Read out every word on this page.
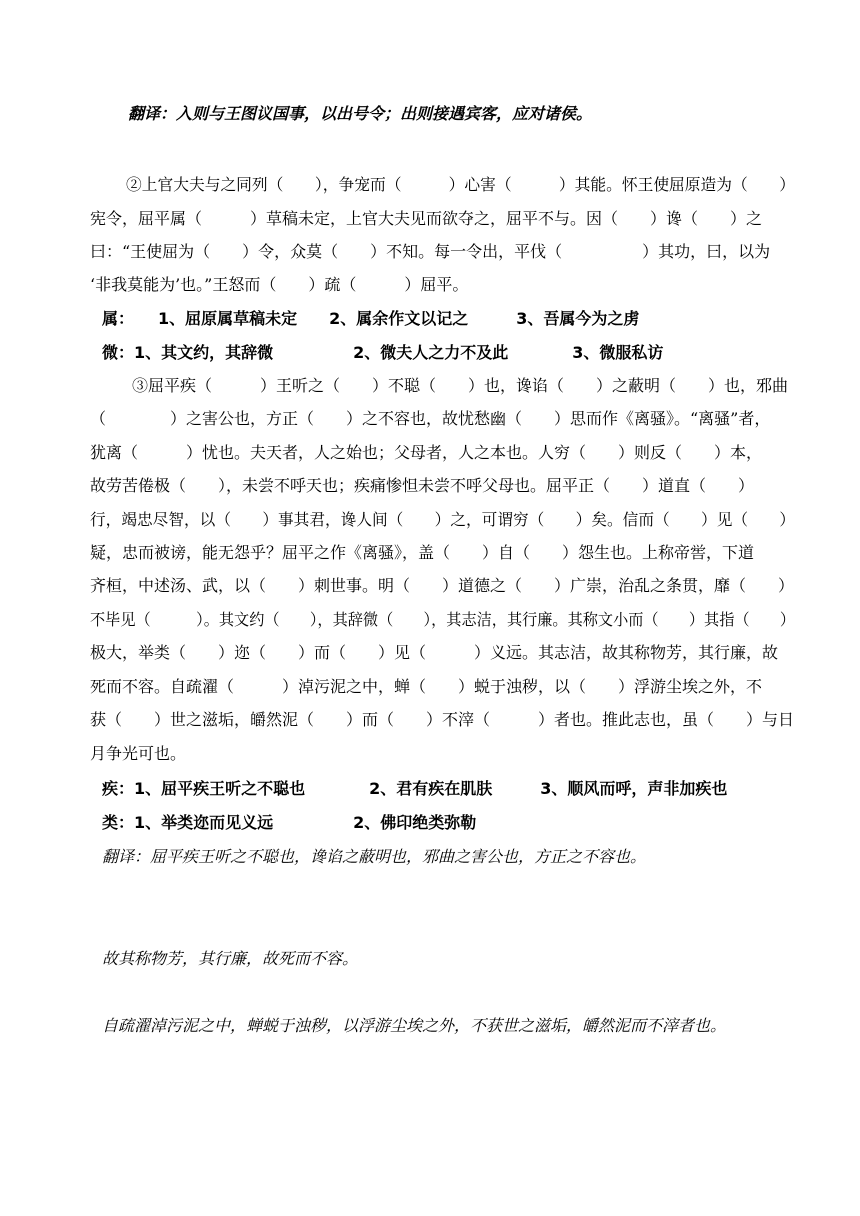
翻译：入则与王图议国事，以出号令；出则接遇宾客，应对诸侯。
②上官大夫与之同列（　　），争宠而（　　　）心害（　　　）其能。怀王使屈原造为（　　）
宪令，屈平属（　　　）草稿未定，上官大夫见而欲夺之，屈平不与。因（　　）谗（　　）之
曰：“王使屈为（　　）令，众莫（　　）不知。每一令出，平伐（　　　　　）其功，曰，以为
‘非我莫能为’也。”王怒而（　　）疏（　　　）屈平。
属：　　1、屈原属草稿未定　　2、属余作文以记之　　　3、吾属今为之虏
微：1、其文约，其辞微　　　　　2、微夫人之力不及此　　　　3、微服私访
　③屈平疾（　　　）王听之（　　）不聪（　　）也，谗谄（　　）之蔽明（　　）也，邪曲
（　　　　）之害公也，方正（　　）之不容也，故忧愁幽（　　）思而作《离骚》。“离骚”者，
犹离（　　　）忧也。夫天者，人之始也；父母者，人之本也。人穷（　　）则反（　　）本，
故劳苦倦极（　　），未尝不呼天也；疾痛惨怛未尝不呼父母也。屈平正（　　）道直（　　）
行，竭忠尽智，以（　　）事其君，谗人间（　　）之，可谓穷（　　）矣。信而（　　）见（　　）
疑，忠而被谤，能无怨乎？屈平之作《离骚》，盖（　　）自（　　）怨生也。上称帝喾，下道
齐桓，中述汤、武，以（　　）刺世事。明（　　）道德之（　　）广崇，治乱之条贯，靡（　　）
不毕见（　　　）。其文约（　　），其辞微（　　），其志洁，其行廉。其称文小而（　　）其指（　　）
极大，举类（　　）迩（　　）而（　　）见（　　　）义远。其志洁，故其称物芳，其行廉，故
死而不容。自疏濯（　　　）淖污泥之中，蝉（　　）蜕于浊秽，以（　　）浮游尘埃之外，不
获（　　）世之滋垢，皭然泥（　　）而（　　）不滓（　　　）者也。推此志也，虽（　　）与日
月争光可也。
疾：1、屈平疾王听之不聪也　　　　2、君有疾在肌肤　　　3、顺风而呼，声非加疾也
类：1、举类迩而见义远　　　　　2、佛印绝类弥勒
翻译：屈平疾王听之不聪也，谗谄之蔽明也，邪曲之害公也，方正之不容也。
故其称物芳，其行廉，故死而不容。
自疏濯淖污泥之中，蝉蜕于浊秽，以浮游尘埃之外，不获世之滋垢，皭然泥而不滓者也。
